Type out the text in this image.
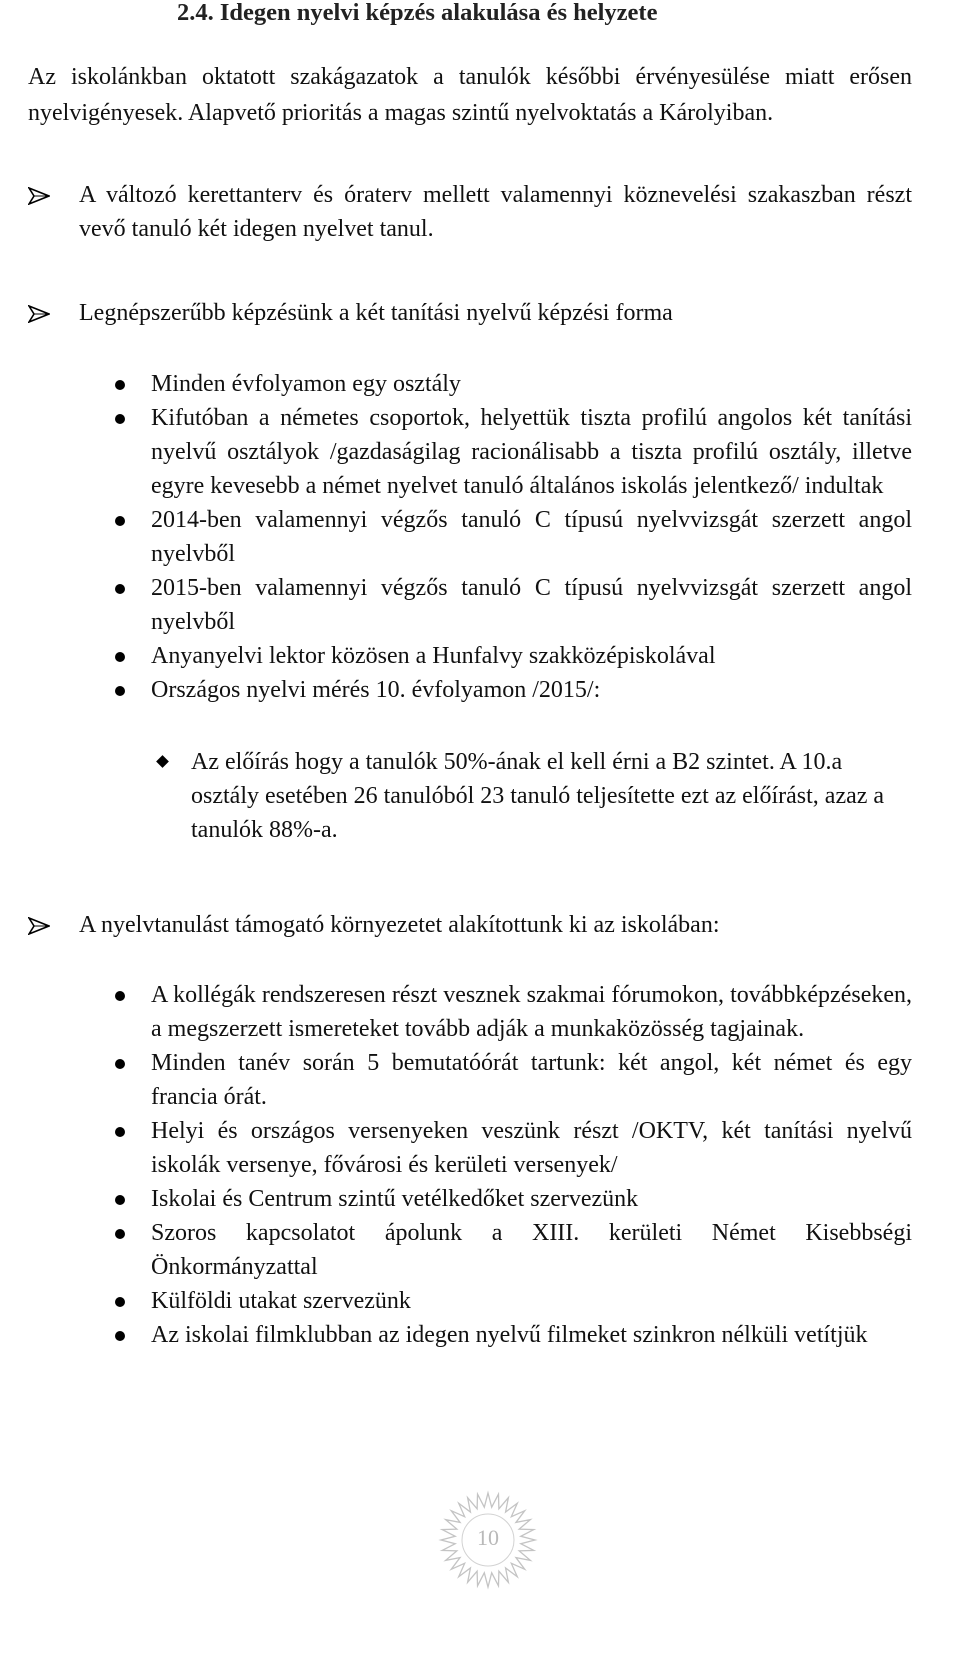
2.4. Idegen nyelvi képzés alakulása és helyzete
Az iskolánkban oktatott szakágazatok a tanulók későbbi érvényesülése miatt erősen nyelvigényesek. Alapvető prioritás a magas szintű nyelvoktatás a Károlyiban.
A változó kerettanterv és óraterv mellett valamennyi köznevelési szakaszban részt vevő tanuló két idegen nyelvet tanul.
Legnépszerűbb képzésünk a két tanítási nyelvű képzési forma
Minden évfolyamon egy osztály
Kifutóban a németes csoportok, helyettük tiszta profilú angolos két tanítási nyelvű osztályok /gazdaságilag racionálisabb a tiszta profilú osztály, illetve egyre kevesebb a német nyelvet tanuló általános iskolás jelentkező/ indultak
2014-ben valamennyi végzős tanuló C típusú nyelvvizsgát szerzett angol nyelvből
2015-ben valamennyi végzős tanuló C típusú nyelvvizsgát szerzett angol nyelvből
Anyanyelvi lektor közösen a Hunfalvy szakközépiskolával
Országos nyelvi mérés 10. évfolyamon /2015/:
Az előírás hogy a tanulók 50%-ának el kell érni a B2 szintet. A 10.a osztály esetében 26 tanulóból 23 tanuló teljesítette ezt az előírást, azaz a tanulók 88%-a.
A nyelvtanulást támogató környezetet alakítottunk ki az iskolában:
A kollégák rendszeresen részt vesznek szakmai fórumokon, továbbképzéseken, a megszerzett ismereteket tovább adják a munkaközösség tagjainak.
Minden tanév során 5 bemutatóórát tartunk: két angol, két német és egy francia órát.
Helyi és országos versenyeken veszünk részt /OKTV, két tanítási nyelvű iskolák versenye, fővárosi és kerületi versenyek/
Iskolai és Centrum szintű vetélkedőket szervezünk
Szoros kapcsolatot ápolunk a XIII. kerületi Német Kisebbségi Önkormányzattal
Külföldi utakat szervezünk
Az iskolai filmklubban az idegen nyelvű filmeket szinkron nélküli vetítjük
10
